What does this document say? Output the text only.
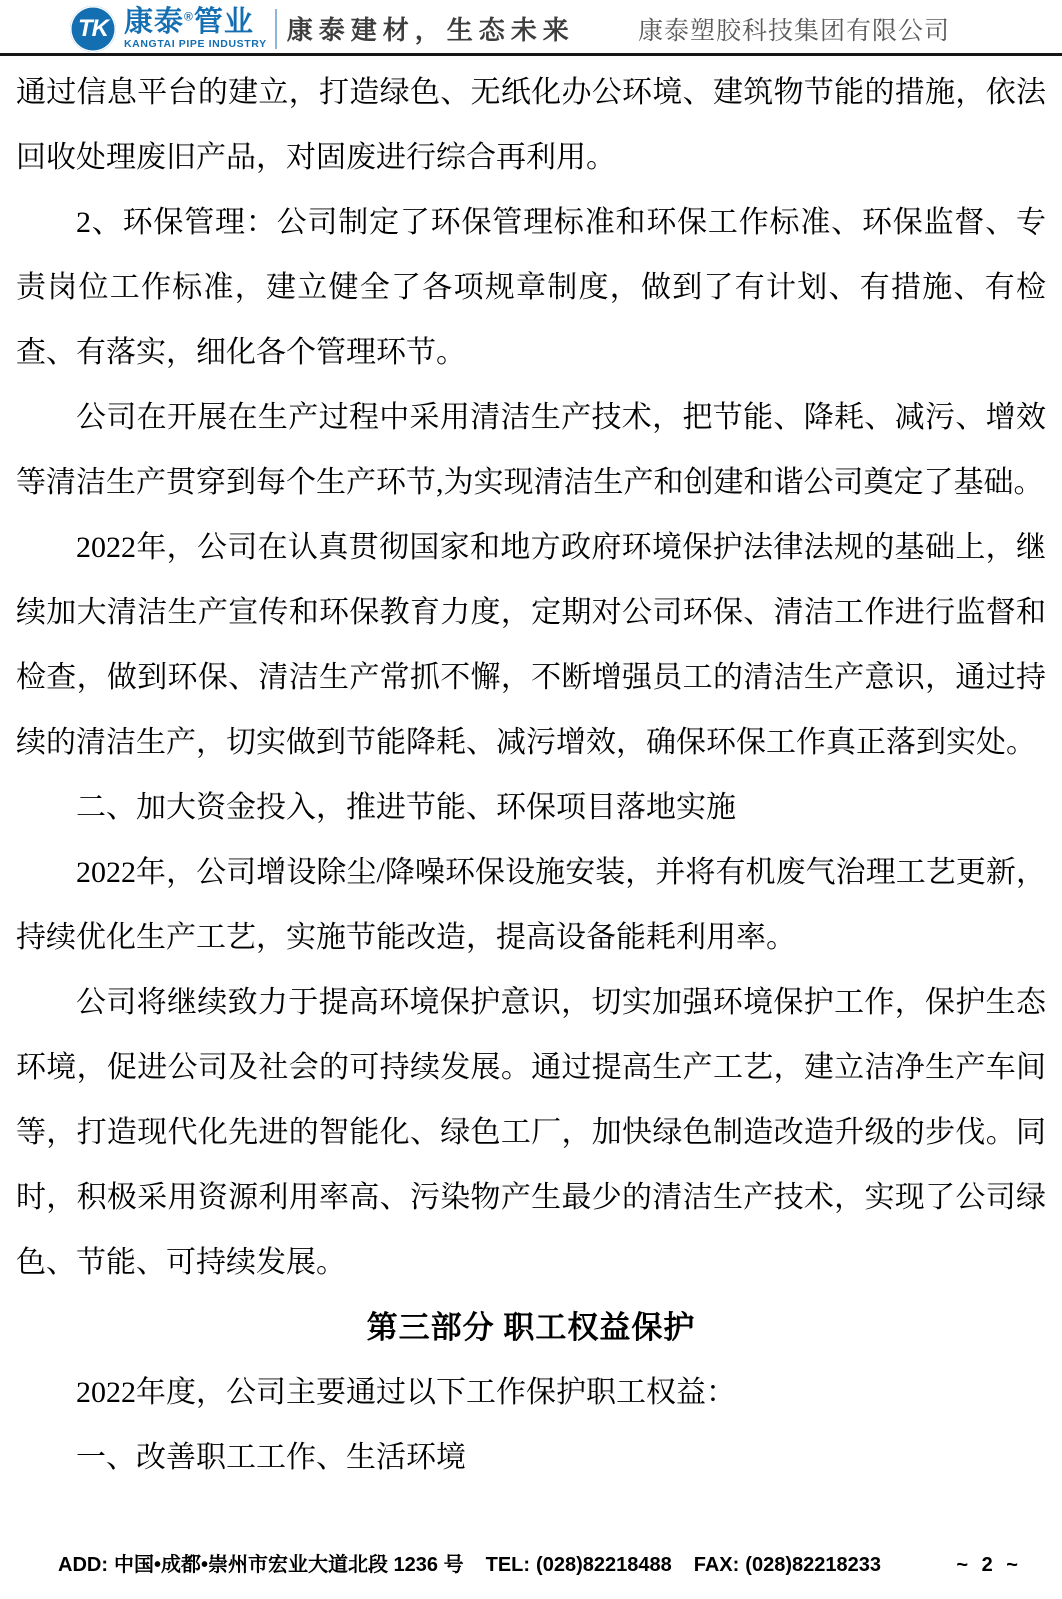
TK 康泰®管业
KANGTAI PIPE INDUSTRY 康泰建材，生态未来	康泰塑胶科技集团有限公司

通过信息平台的建立，打造绿色、无纸化办公环境、建筑物节能的措施，依法回收处理废旧产品，对固废进行综合再利用。

2、环保管理：公司制定了环保管理标准和环保工作标准、环保监督、专责岗位工作标准，建立健全了各项规章制度，做到了有计划、有措施、有检查、有落实，细化各个管理环节。

公司在开展在生产过程中采用清洁生产技术，把节能、降耗、减污、增效等清洁生产贯穿到每个生产环节,为实现清洁生产和创建和谐公司奠定了基础。

2022年，公司在认真贯彻国家和地方政府环境保护法律法规的基础上，继续加大清洁生产宣传和环保教育力度，定期对公司环保、清洁工作进行监督和检查，做到环保、清洁生产常抓不懈，不断增强员工的清洁生产意识，通过持续的清洁生产，切实做到节能降耗、减污增效，确保环保工作真正落到实处。

二、加大资金投入，推进节能、环保项目落地实施

2022年，公司增设除尘/降噪环保设施安装，并将有机废气治理工艺更新，持续优化生产工艺，实施节能改造，提高设备能耗利用率。

公司将继续致力于提高环境保护意识，切实加强环境保护工作，保护生态环境，促进公司及社会的可持续发展。通过提高生产工艺，建立洁净生产车间等，打造现代化先进的智能化、绿色工厂，加快绿色制造改造升级的步伐。同时，积极采用资源利用率高、污染物产生最少的清洁生产技术，实现了公司绿色、节能、可持续发展。

第三部分 职工权益保护

2022年度，公司主要通过以下工作保护职工权益：

一、改善职工工作、生活环境

ADD: 中国•成都•崇州市宏业大道北段 1236 号 TEL: (028)82218488 FAX: (028)82218233	~ 2 ~
